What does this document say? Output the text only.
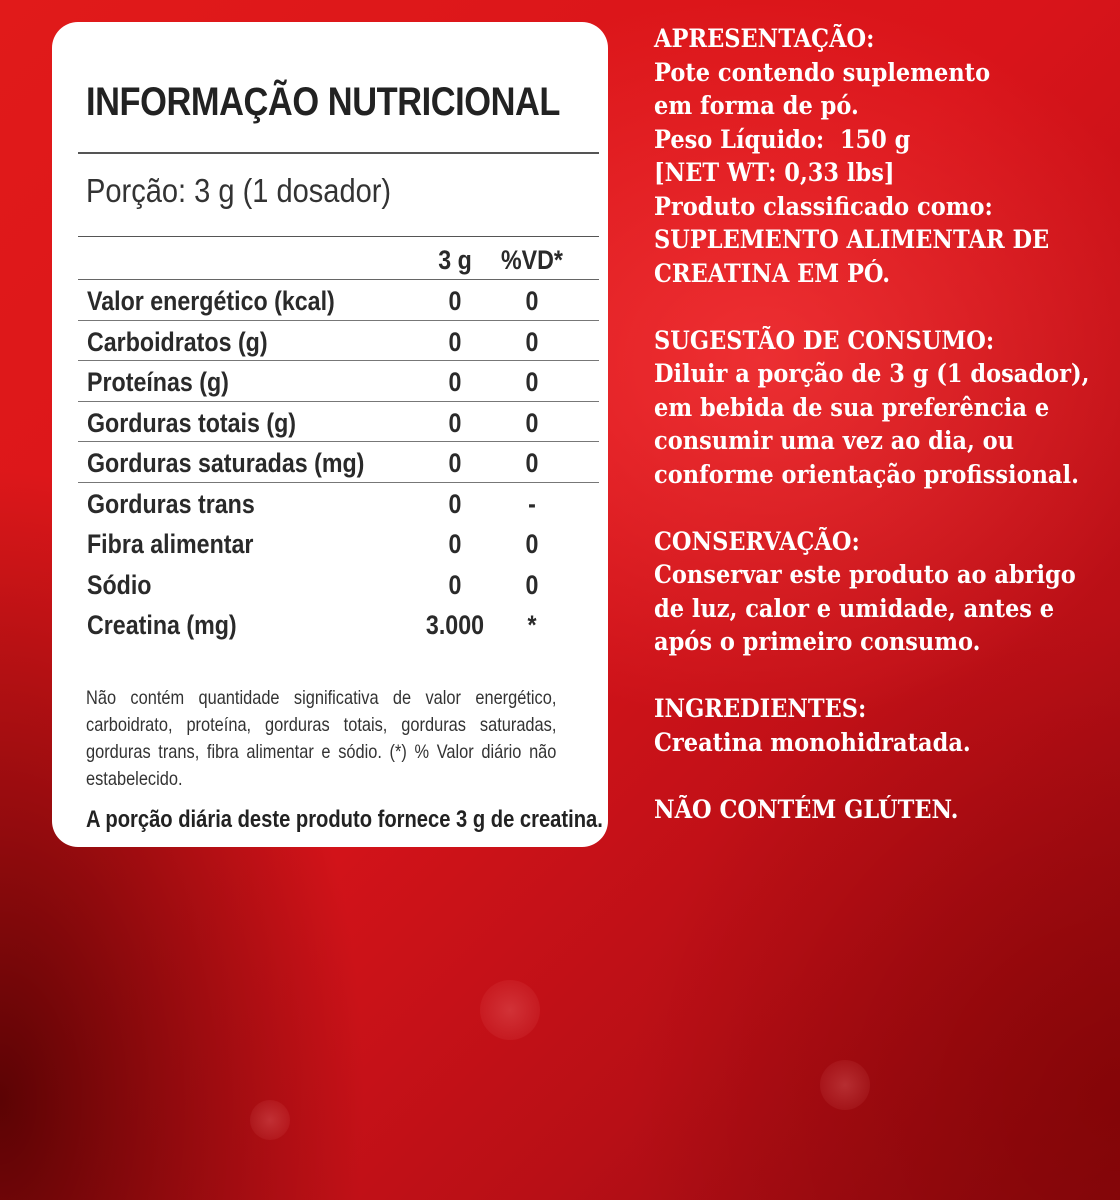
INFORMAÇÃO NUTRICIONAL
Porção: 3 g (1 dosador)
3 g	%VD*
Valor energético (kcal)	0	0
Carboidratos (g)	0	0
Proteínas (g)	0	0
Gorduras totais (g)	0	0
Gorduras saturadas (mg)	0	0
Gorduras trans	0	-
Fibra alimentar	0	0
Sódio	0	0
Creatina (mg)	3.000	*
Não contém quantidade significativa de valor energético, carboidrato, proteína, gorduras totais, gorduras saturadas, gorduras trans, fibra alimentar e sódio. (*) % Valor diário não estabelecido.
A porção diária deste produto fornece 3 g de creatina.
APRESENTAÇÃO:
Pote contendo suplemento
em forma de pó.
Peso Líquido:  150 g
[NET WT: 0,33 lbs]
Produto classificado como:
SUPLEMENTO ALIMENTAR DE
CREATINA EM PÓ.
SUGESTÃO DE CONSUMO:
Diluir a porção de 3 g (1 dosador),
em bebida de sua preferência e
consumir uma vez ao dia, ou
conforme orientação profissional.
CONSERVAÇÃO:
Conservar este produto ao abrigo
de luz, calor e umidade, antes e
após o primeiro consumo.
INGREDIENTES:
Creatina monohidratada.
NÃO CONTÉM GLÚTEN.
